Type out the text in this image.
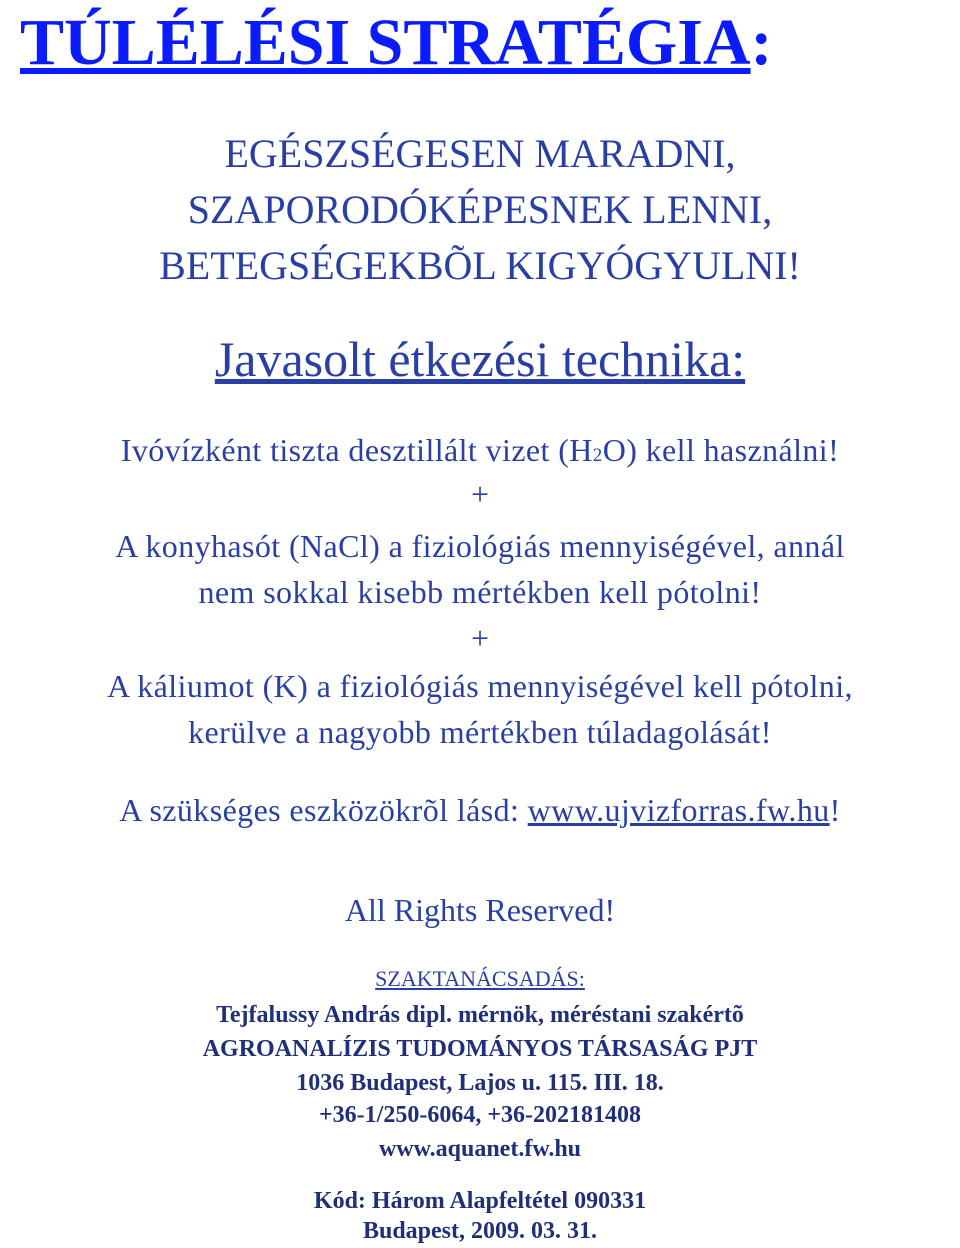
TÚLÉLÉSI STRATÉGIA:

EGÉSZSÉGESEN MARADNI,

SZAPORODÓKÉPESNEK LENNI,

BETEGSÉGEKBÕL KIGYÓGYULNI!

Javasolt étkezési technika:

Ivóvízként tiszta desztillált vizet (H2O) kell használni!

+

A konyhasót (NaCl) a fiziológiás mennyiségével, annál

nem sokkal kisebb mértékben kell pótolni!

+

A káliumot (K) a fiziológiás mennyiségével kell pótolni,

kerülve a nagyobb mértékben túladagolását!

A szükséges eszközökrõl lásd: www.ujvizforras.fw.hu!

All Rights Reserved!

SZAKTANÁCSADÁS:

Tejfalussy András dipl. mérnök, méréstani szakértõ

AGROANALÍZIS TUDOMÁNYOS TÁRSASÁG PJT

1036 Budapest, Lajos u. 115. III. 18.

+36-1/250-6064, +36-202181408

www.aquanet.fw.hu

Kód: Három Alapfeltétel 090331

Budapest, 2009. 03. 31.
